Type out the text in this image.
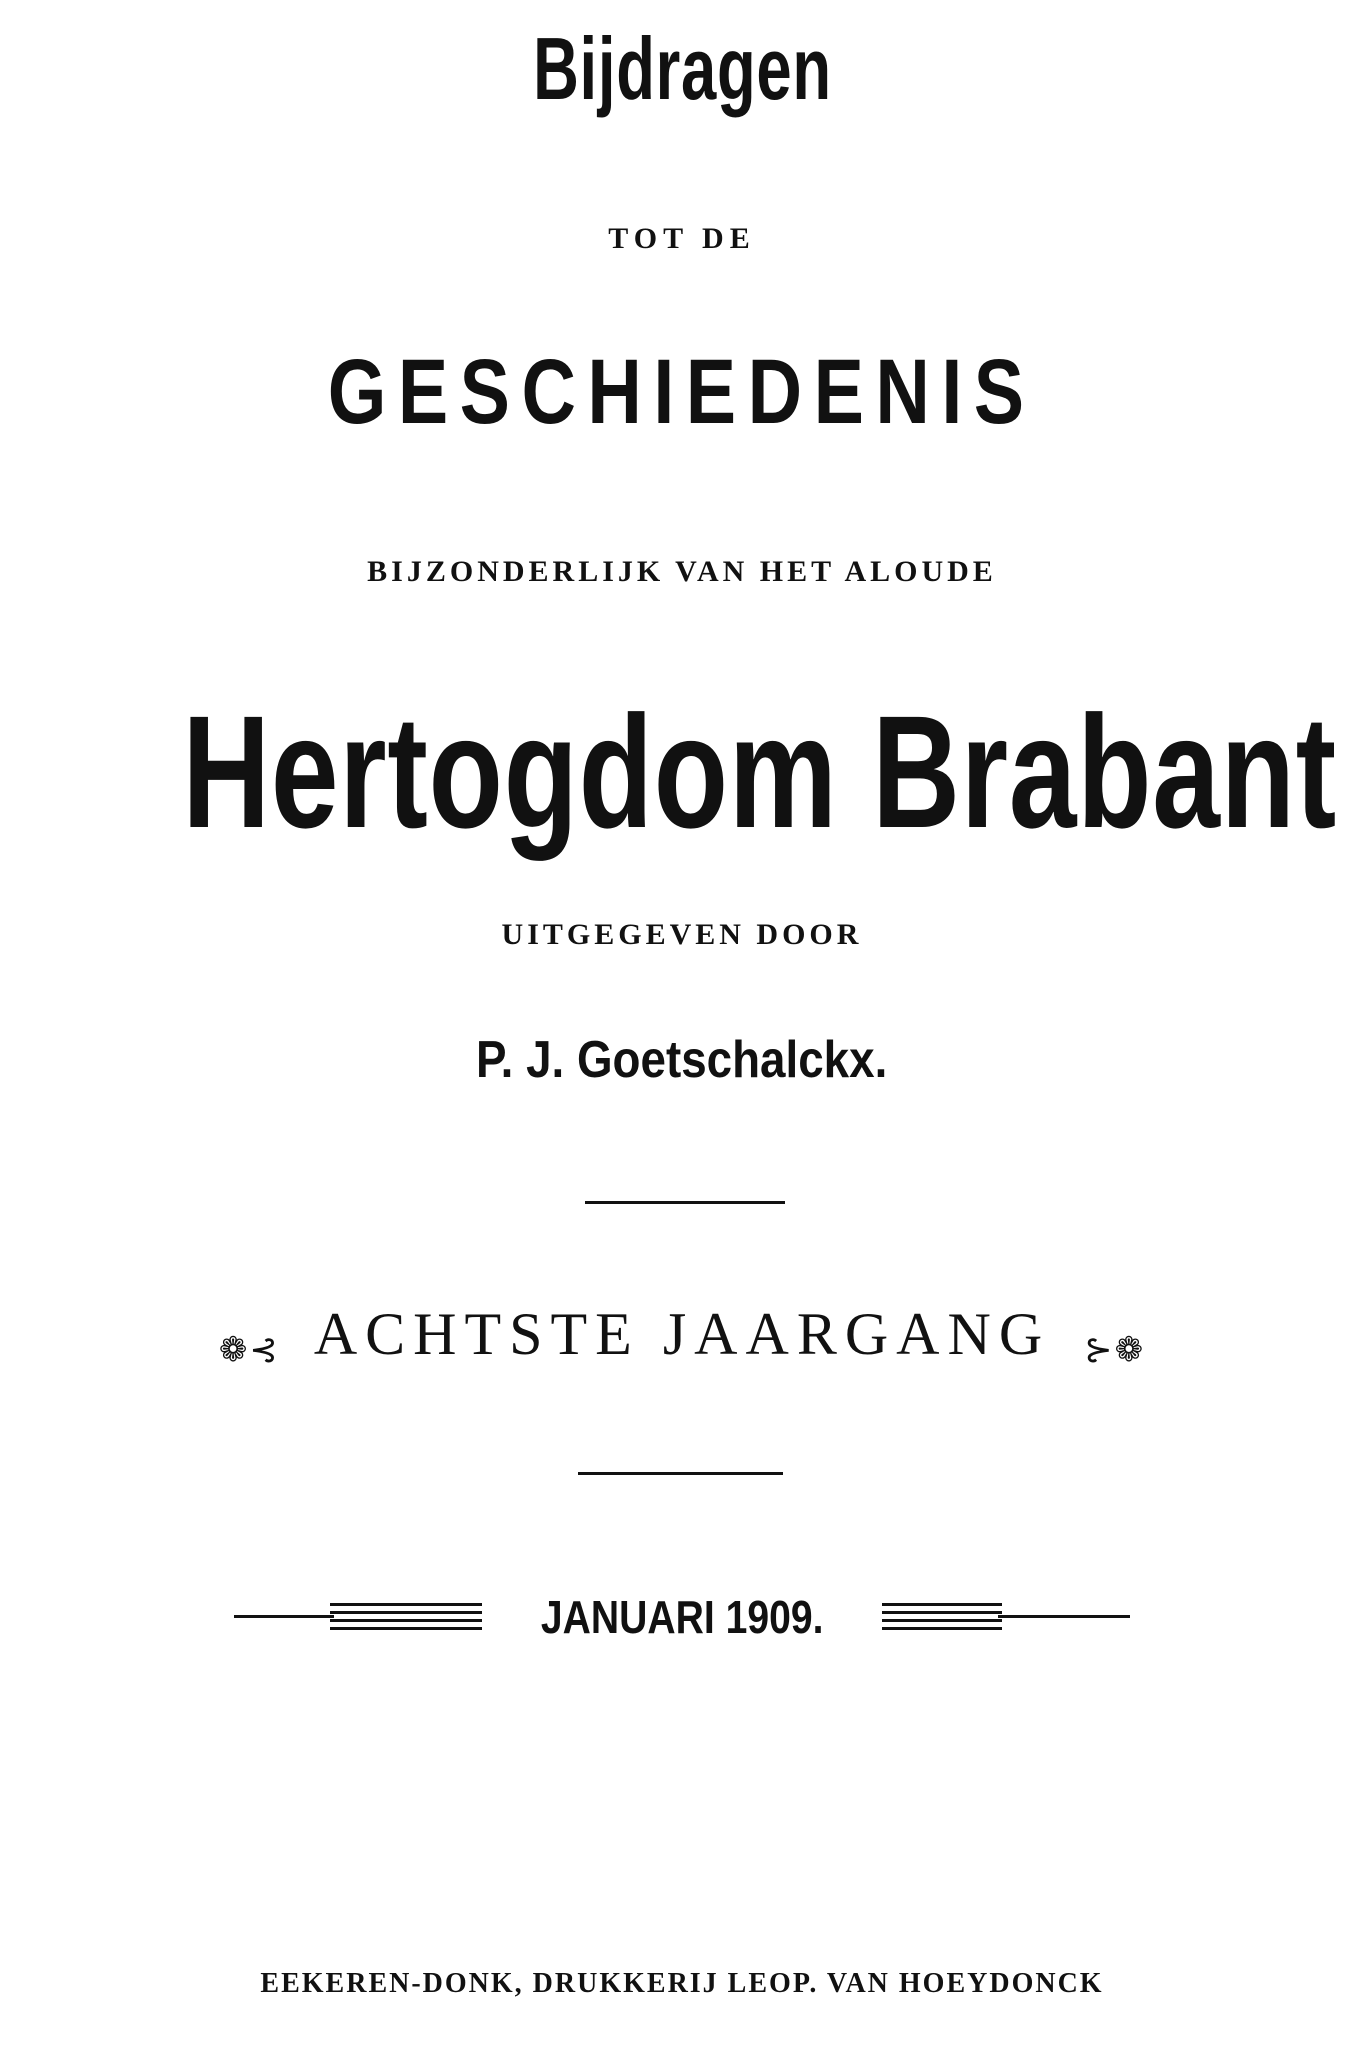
Bijdragen
TOT DE
GESCHIEDENIS
BIJZONDERLIJK VAN HET ALOUDE
Hertogdom Brabant
UITGEGEVEN DOOR
P. J. Goetschalckx.
❁⊰ ACHTSTE JAARGANG ⊱❁
JANUARI 1909.
EEKEREN-DONK, DRUKKERIJ LEOP. VAN HOEYDONCK
